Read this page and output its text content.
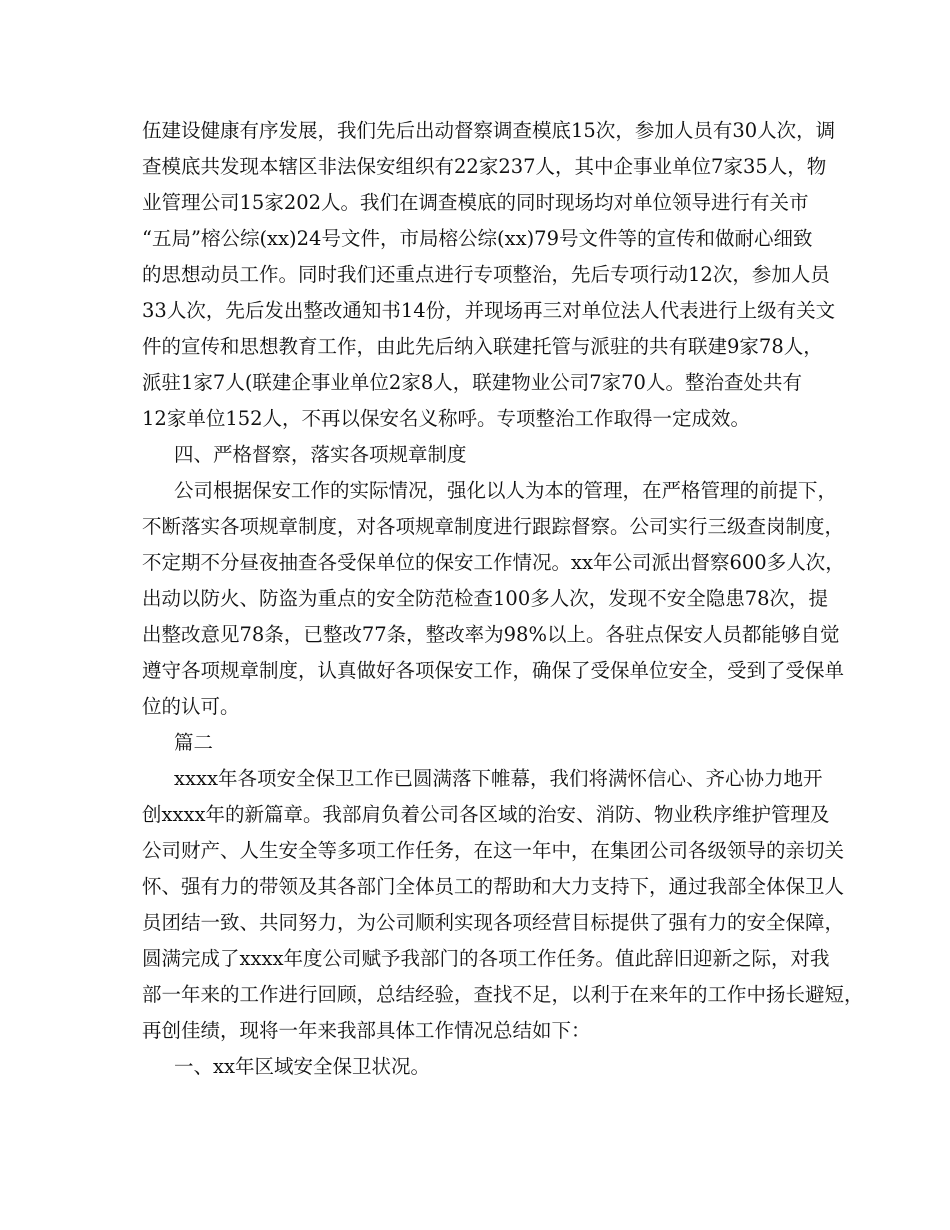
伍建设健康有序发展，我们先后出动督察调查模底15次，参加人员有30人次，调
查模底共发现本辖区非法保安组织有22家237人，其中企事业单位7家35人，物
业管理公司15家202人。我们在调查模底的同时现场均对单位领导进行有关市
“五局”榕公综(xx)24号文件，市局榕公综(xx)79号文件等的宣传和做耐心细致
的思想动员工作。同时我们还重点进行专项整治，先后专项行动12次，参加人员
33人次，先后发出整改通知书14份，并现场再三对单位法人代表进行上级有关文
件的宣传和思想教育工作，由此先后纳入联建托管与派驻的共有联建9家78人，
派驻1家7人(联建企事业单位2家8人，联建物业公司7家70人。整治查处共有
12家单位152人，不再以保安名义称呼。专项整治工作取得一定成效。
四、严格督察，落实各项规章制度
公司根据保安工作的实际情况，强化以人为本的管理，在严格管理的前提下，
不断落实各项规章制度，对各项规章制度进行跟踪督察。公司实行三级查岗制度，
不定期不分昼夜抽查各受保单位的保安工作情况。xx年公司派出督察600多人次，
出动以防火、防盗为重点的安全防范检查100多人次，发现不安全隐患78次，提
出整改意见78条，已整改77条，整改率为98%以上。各驻点保安人员都能够自觉
遵守各项规章制度，认真做好各项保安工作，确保了受保单位安全，受到了受保单
位的认可。
篇二
xxxx年各项安全保卫工作已圆满落下帷幕，我们将满怀信心、齐心协力地开
创xxxx年的新篇章。我部肩负着公司各区域的治安、消防、物业秩序维护管理及
公司财产、人生安全等多项工作任务，在这一年中，在集团公司各级领导的亲切关
怀、强有力的带领及其各部门全体员工的帮助和大力支持下，通过我部全体保卫人
员团结一致、共同努力，为公司顺利实现各项经营目标提供了强有力的安全保障，
圆满完成了xxxx年度公司赋予我部门的各项工作任务。值此辞旧迎新之际，对我
部一年来的工作进行回顾，总结经验，查找不足，以利于在来年的工作中扬长避短，
再创佳绩，现将一年来我部具体工作情况总结如下：
一、xx年区域安全保卫状况。
